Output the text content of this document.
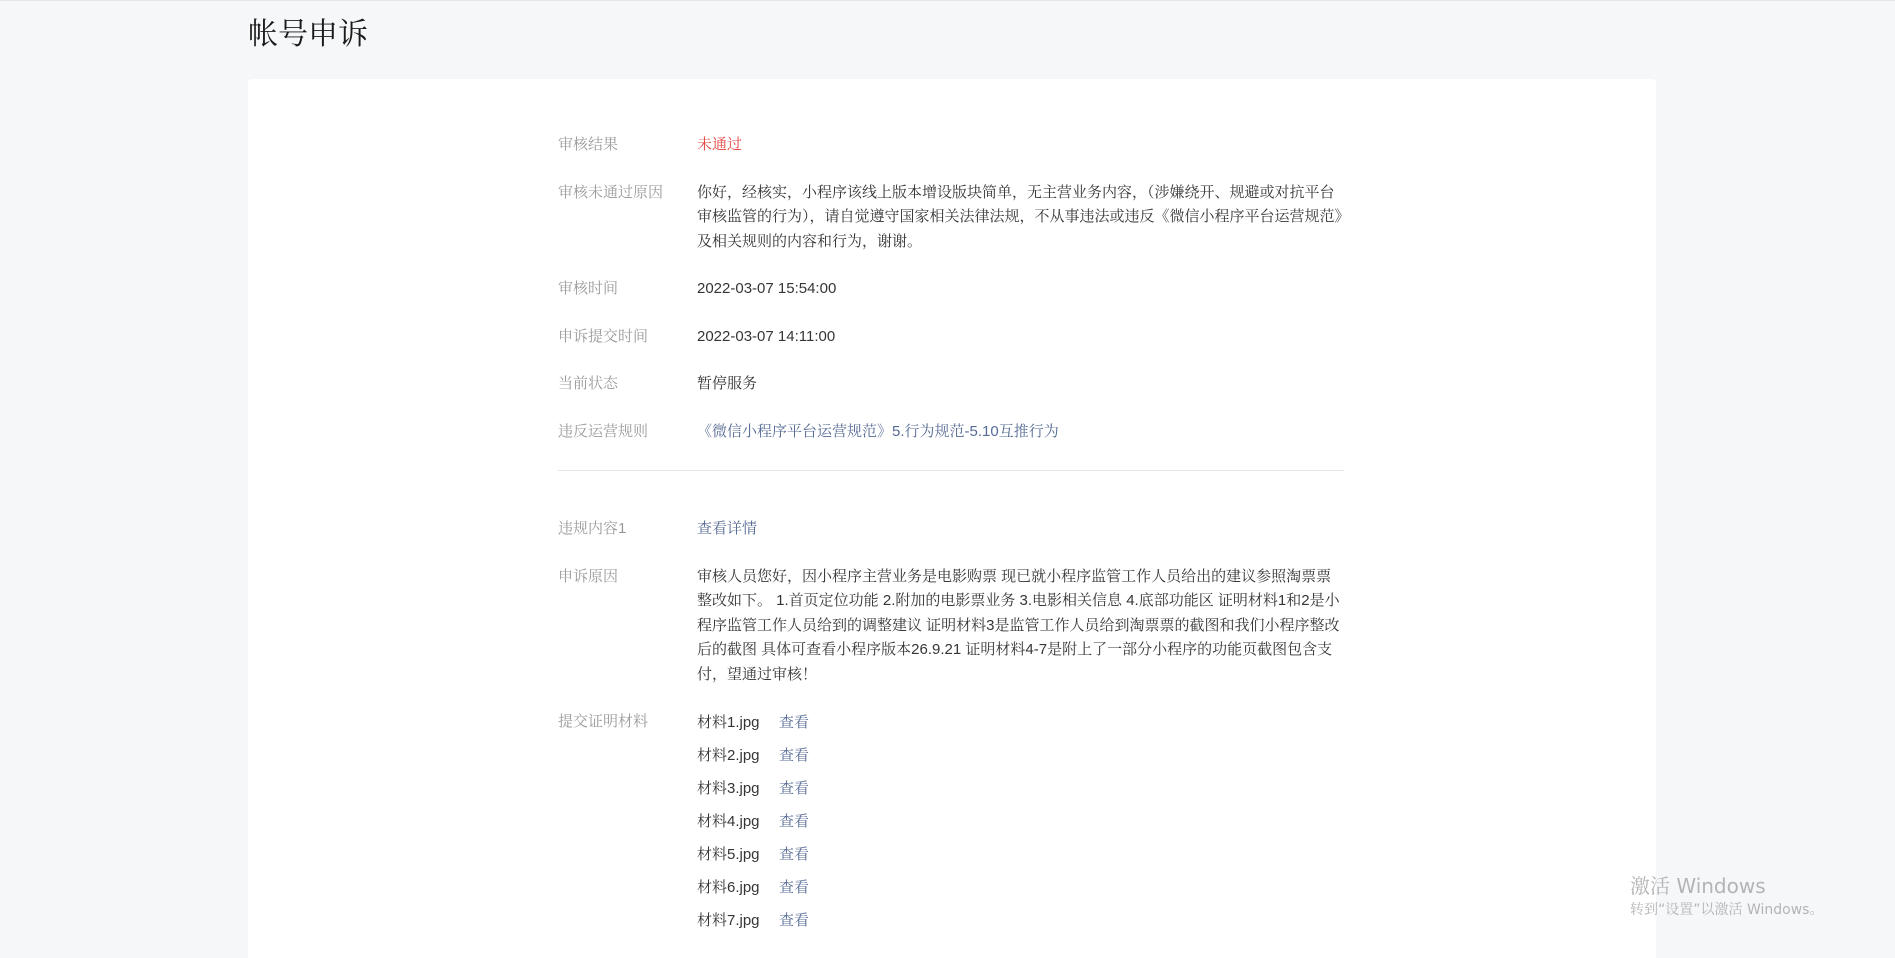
帐号申诉
审核结果	未通过
审核未通过原因	你好，经核实，小程序该线上版本增设版块简单，无主营业务内容，（涉嫌绕开、规避或对抗平台审核监管的行为），请自觉遵守国家相关法律法规，不从事违法或违反《微信小程序平台运营规范》及相关规则的内容和行为，谢谢。
审核时间	2022-03-07 15:54:00
申诉提交时间	2022-03-07 14:11:00
当前状态	暂停服务
违反运营规则	《微信小程序平台运营规范》5.行为规范-5.10互推行为
违规内容1	查看详情
申诉原因	审核人员您好，因小程序主营业务是电影购票 现已就小程序监管工作人员给出的建议参照淘票票整改如下。 1.首页定位功能 2.附加的电影票业务 3.电影相关信息 4.底部功能区 证明材料1和2是小程序监管工作人员给到的调整建议 证明材料3是监管工作人员给到淘票票的截图和我们小程序整改后的截图 具体可查看小程序版本26.9.21 证明材料4-7是附上了一部分小程序的功能页截图包含支付，望通过审核！
提交证明材料	材料1.jpg	查看
材料2.jpg	查看
材料3.jpg	查看
材料4.jpg	查看
材料5.jpg	查看
材料6.jpg	查看
材料7.jpg	查看
激活 Windows
转到“设置”以激活 Windows。
